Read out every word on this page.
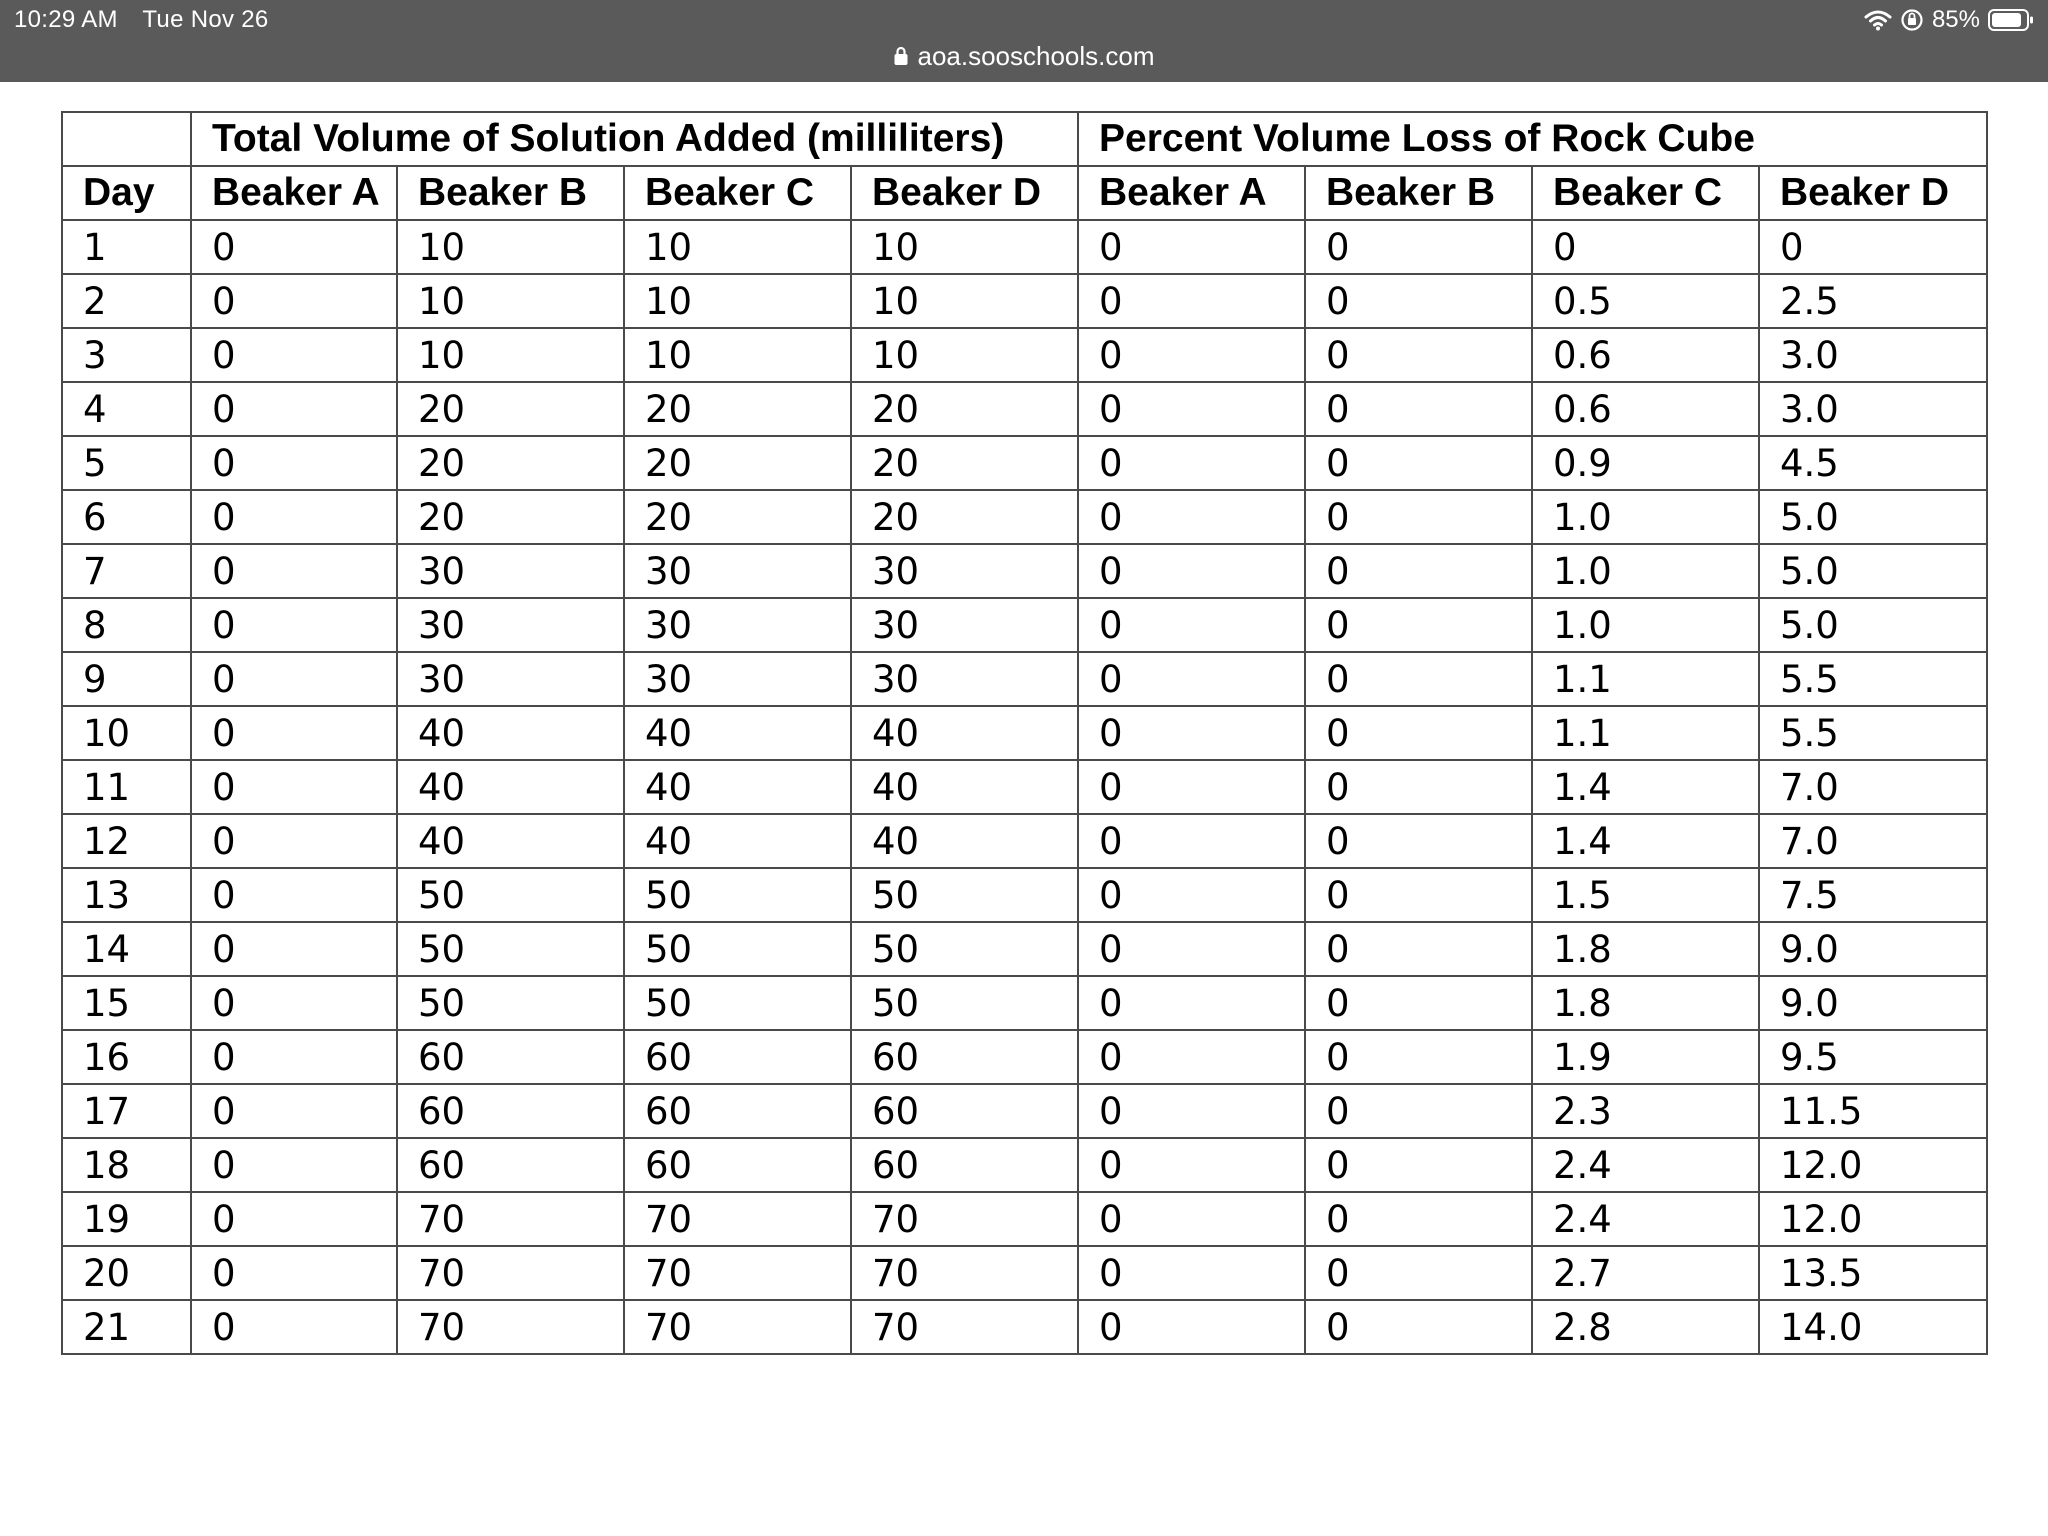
10:29 AM Tue Nov 26	85%
aoa.sooschools.com
	Total Volume of Solution Added (milliliters)				Percent Volume Loss of Rock Cube			
Day	Beaker A	Beaker B	Beaker C	Beaker D	Beaker A	Beaker B	Beaker C	Beaker D
1	0	10	10	10	0	0	0	0
2	0	10	10	10	0	0	0.5	2.5
3	0	10	10	10	0	0	0.6	3.0
4	0	20	20	20	0	0	0.6	3.0
5	0	20	20	20	0	0	0.9	4.5
6	0	20	20	20	0	0	1.0	5.0
7	0	30	30	30	0	0	1.0	5.0
8	0	30	30	30	0	0	1.0	5.0
9	0	30	30	30	0	0	1.1	5.5
10	0	40	40	40	0	0	1.1	5.5
11	0	40	40	40	0	0	1.4	7.0
12	0	40	40	40	0	0	1.4	7.0
13	0	50	50	50	0	0	1.5	7.5
14	0	50	50	50	0	0	1.8	9.0
15	0	50	50	50	0	0	1.8	9.0
16	0	60	60	60	0	0	1.9	9.5
17	0	60	60	60	0	0	2.3	11.5
18	0	60	60	60	0	0	2.4	12.0
19	0	70	70	70	0	0	2.4	12.0
20	0	70	70	70	0	0	2.7	13.5
21	0	70	70	70	0	0	2.8	14.0
